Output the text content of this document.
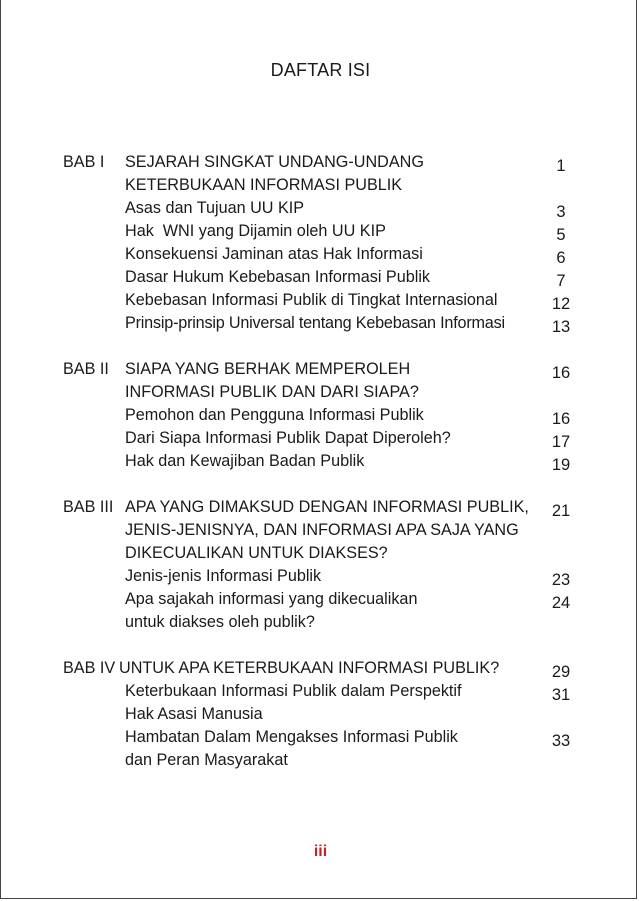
DAFTAR ISI
BAB I SEJARAH SINGKAT UNDANG-UNDANG	1
KETERBUKAAN INFORMASI PUBLIK
Asas dan Tujuan UU KIP	3
Hak  WNI yang Dijamin oleh UU KIP	5
Konsekuensi Jaminan atas Hak Informasi	6
Dasar Hukum Kebebasan Informasi Publik	7
Kebebasan Informasi Publik di Tingkat Internasional	12
Prinsip-prinsip Universal tentang Kebebasan Informasi	13
BAB II SIAPA YANG BERHAK MEMPEROLEH	16
INFORMASI PUBLIK DAN DARI SIAPA?
Pemohon dan Pengguna Informasi Publik	16
Dari Siapa Informasi Publik Dapat Diperoleh?	17
Hak dan Kewajiban Badan Publik	19
BAB III APA YANG DIMAKSUD DENGAN INFORMASI PUBLIK,	21
JENIS-JENISNYA, DAN INFORMASI APA SAJA YANG
DIKECUALIKAN UNTUK DIAKSES?
Jenis-jenis Informasi Publik	23
Apa sajakah informasi yang dikecualikan	24
untuk diakses oleh publik?
BAB IV UNTUK APA KETERBUKAAN INFORMASI PUBLIK?	29
Keterbukaan Informasi Publik dalam Perspektif	31
Hak Asasi Manusia
Hambatan Dalam Mengakses Informasi Publik	33
dan Peran Masyarakat
iii
